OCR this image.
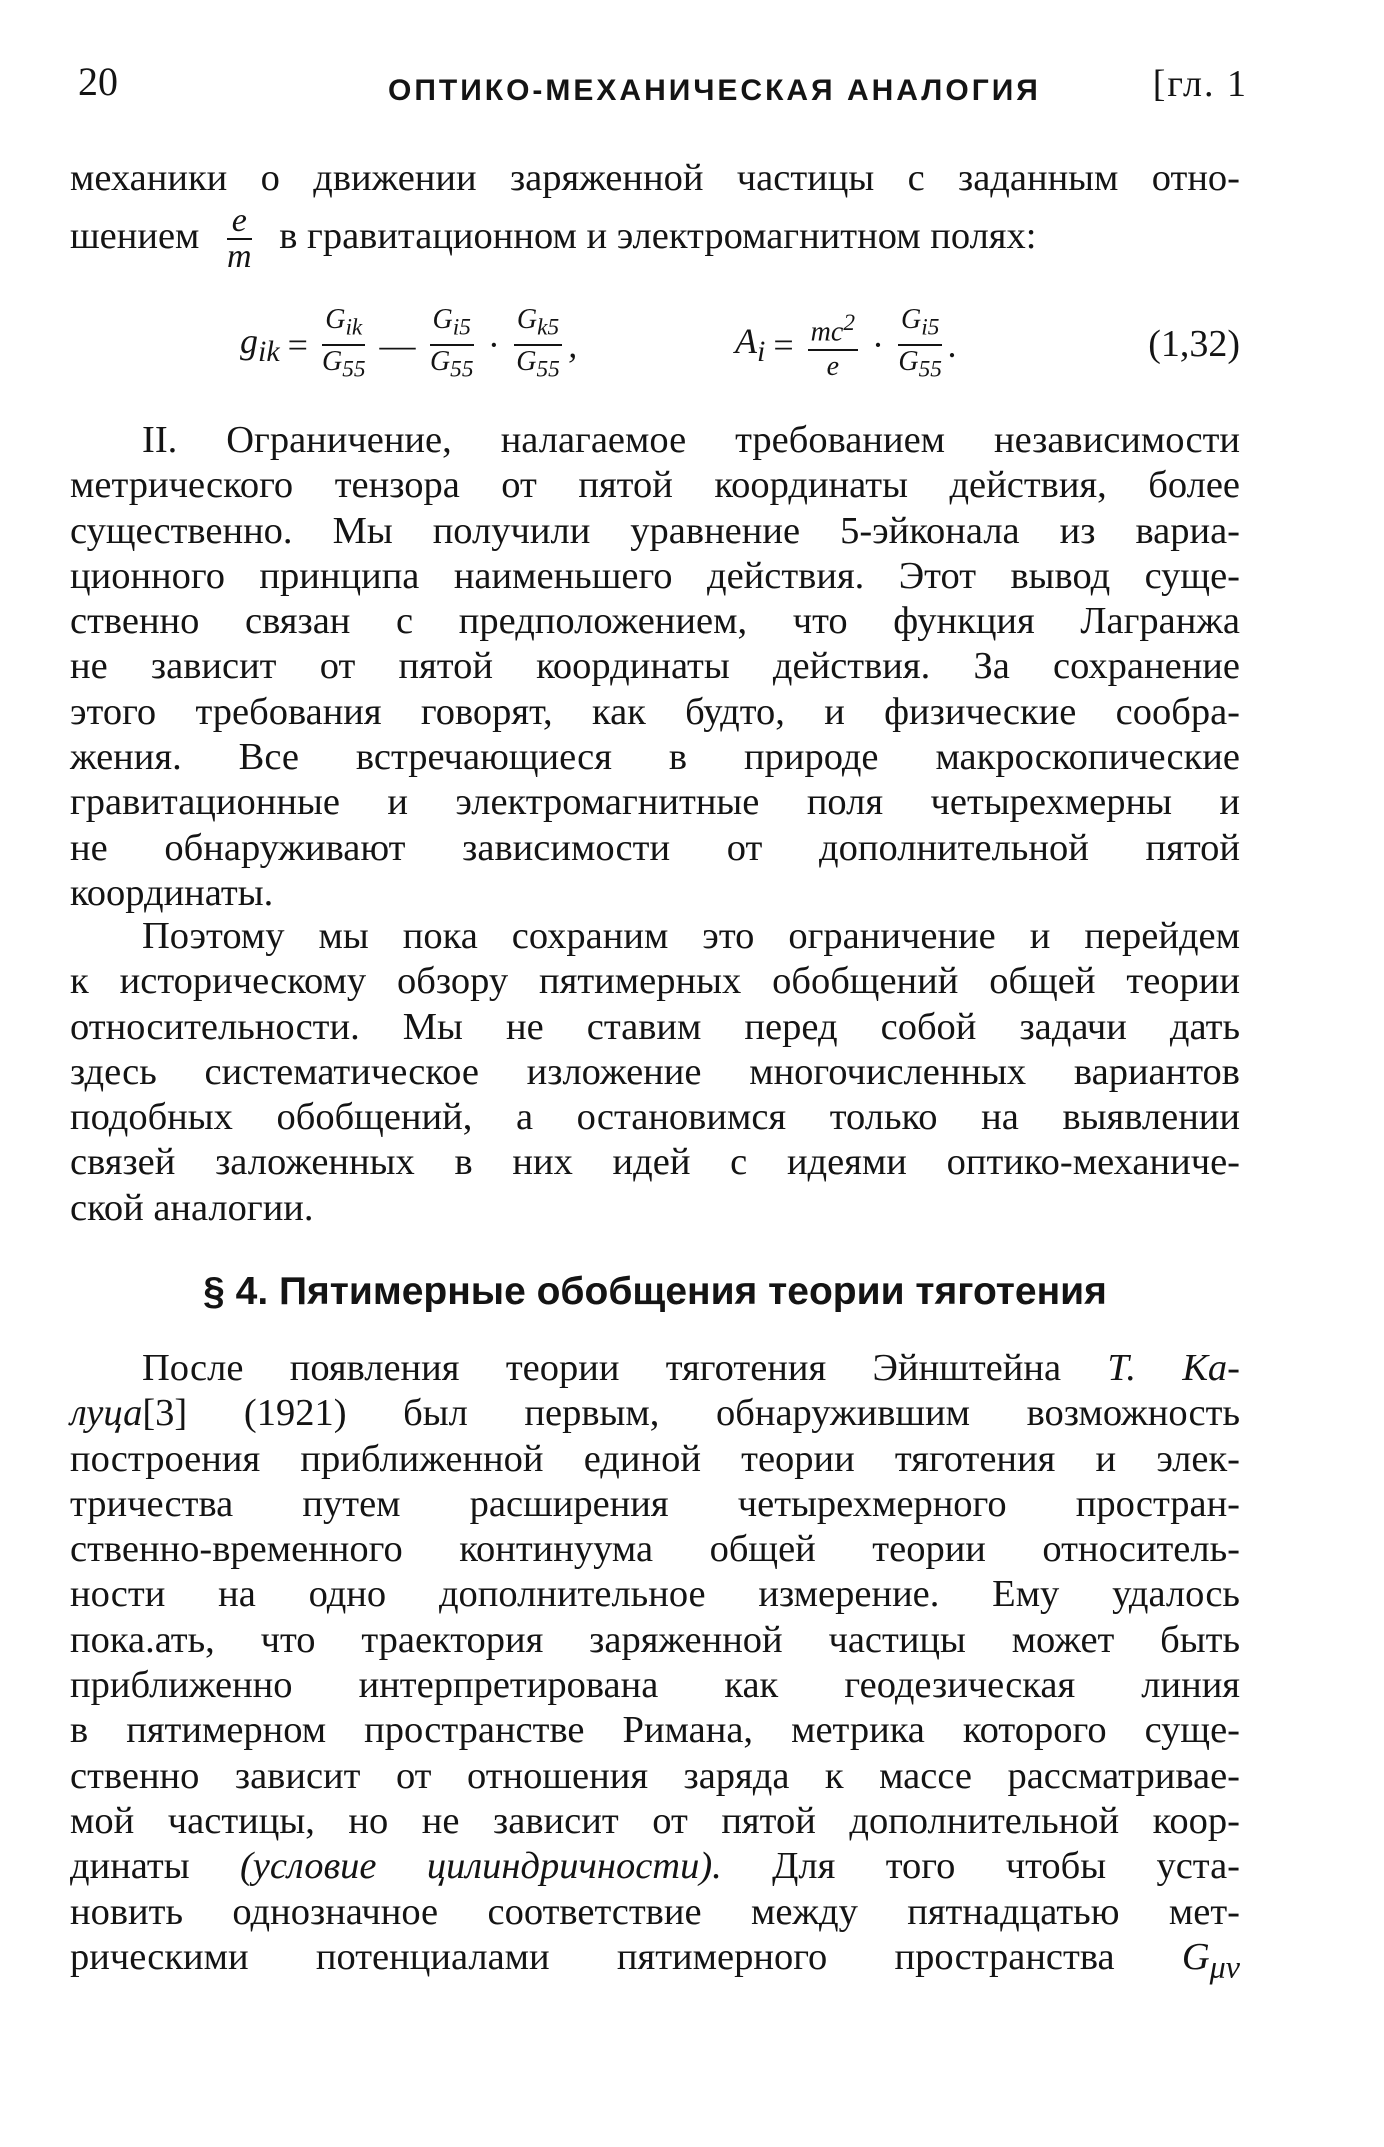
20	ОПТИКО-МЕХАНИЧЕСКАЯ АНАЛОГИЯ	[гл. 1
механики о движении заряженной частицы с заданным отно-
шением $\frac{e}{m}$ в гравитационном и электромагнитном полях:
$g_{ik} = \frac{G_{ik}}{G_{55}}$ — $\frac{G_{i5}}{G_{55}} \cdot \frac{G_{k5}}{G_{55}}$ ,	$A_i = \frac{mc^2}{e} \cdot \frac{G_{i5}}{G_{55}}$ .	(1,32)
II. Ограничение, налагаемое требованием независимости
метрического тензора от пятой координаты действия, более
существенно. Мы получили уравнение 5-эйконала из вариа-
ционного принципа наименьшего действия. Этот вывод суще-
ственно связан с предположением, что функция Лагранжа
не зависит от пятой координаты действия. За сохранение
этого требования говорят, как будто, и физические сообра-
жения. Все встречающиеся в природе макроскопические
гравитационные и электромагнитные поля четырехмерны и
не обнаруживают зависимости от дополнительной пятой
координаты.
Поэтому мы пока сохраним это ограничение и перейдем
к историческому обзору пятимерных обобщений общей теории
относительности. Мы не ставим перед собой задачи дать
здесь систематическое изложение многочисленных вариантов
подобных обобщений, а остановимся только на выявлении
связей заложенных в них идей с идеями оптико-механиче-
ской аналогии.
§ 4. Пятимерные обобщения теории тяготения
После появления теории тяготения Эйнштейна Т. Ка-
луца[3] (1921) был первым, обнаружившим возможность
построения приближенной единой теории тяготения и элек-
тричества путем расширения четырехмерного простран-
ственно-временного континуума общей теории относитель-
ности на одно дополнительное измерение. Ему удалось
пока.ать, что траектория заряженной частицы может быть
приближенно интерпретирована как геодезическая линия
в пятимерном пространстве Римана, метрика которого суще-
ственно зависит от отношения заряда к массе рассматривае-
мой частицы, но не зависит от пятой дополнительной коор-
динаты (условие цилиндричности). Для того чтобы уста-
новить однозначное соответствие между пятнадцатью мет-
рическими потенциалами пятимерного пространства $G_{\mu\nu}$
